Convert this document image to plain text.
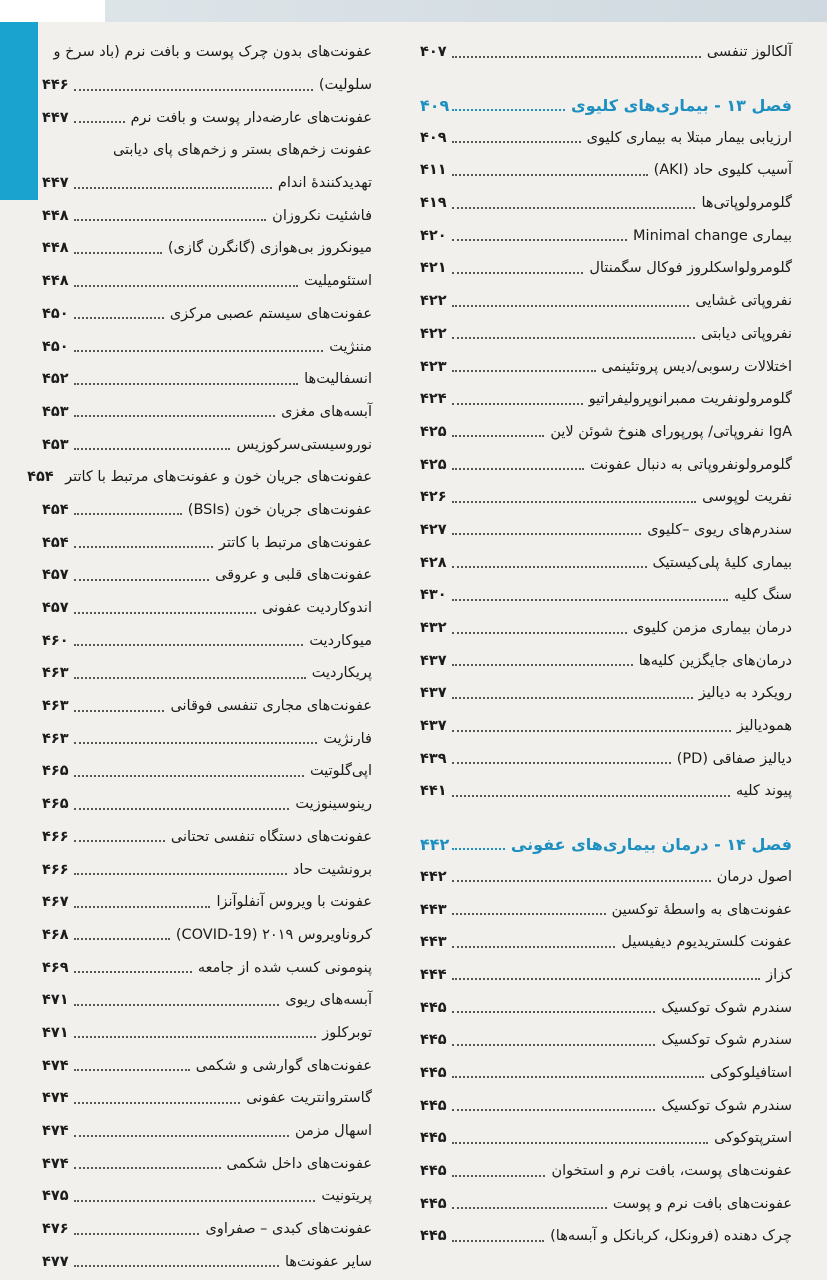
عفونت‌های بدون چرک پوست و بافت نرم (باد سرخ و
سلولیت)
۴۴۶
عفونت‌های عارضه‌دار پوست و بافت نرم
۴۴۷
عفونت زخم‌های بستر و زخم‌های پای دیابتی
تهدیدکنندهٔ اندام
۴۴۷
فاشئیت نکروزان
۴۴۸
میونکروز بی‌هوازی (گانگرن گازی)
۴۴۸
استئومیلیت
۴۴۸
عفونت‌های سیستم عصبی مرکزی
۴۵۰
مننژیت
۴۵۰
انسفالیت‌ها
۴۵۲
آبسه‌های مغزی
۴۵۳
نوروسیستی‌سرکوزیس
۴۵۳
عفونت‌های جریان خون و عفونت‌های مرتبط با کاتتر
۴۵۴
عفونت‌های جریان خون (BSIs)
۴۵۴
عفونت‌های مرتبط با کاتتر
۴۵۴
عفونت‌های قلبی و عروقی
۴۵۷
اندوکاردیت عفونی
۴۵۷
میوکاردیت
۴۶۰
پریکاردیت
۴۶۳
عفونت‌های مجاری تنفسی فوقانی
۴۶۳
فارنژیت
۴۶۳
اپی‌گلوتیت
۴۶۵
رینوسینوزیت
۴۶۵
عفونت‌های دستگاه تنفسی تحتانی
۴۶۶
برونشیت حاد
۴۶۶
عفونت با ویروس آنفلوآنزا
۴۶۷
کروناویروس ۲۰۱۹ (COVID-19)
۴۶۸
پنومونی کسب شده از جامعه
۴۶۹
آبسه‌های ریوی
۴۷۱
توبرکلوز
۴۷۱
عفونت‌های گوارشی و شکمی
۴۷۴
گاستروانتریت عفونی
۴۷۴
اسهال مزمن
۴۷۴
عفونت‌های داخل شکمی
۴۷۴
پریتونیت
۴۷۵
عفونت‌های کبدی – صفراوی
۴۷۶
سایر عفونت‌ها
۴۷۷
آلکالوز تنفسی
۴۰۷
فصل ۱۳ - بیماری‌های کلیوی
۴۰۹
ارزیابی بیمار مبتلا به بیماری کلیوی
۴۰۹
آسیب کلیوی حاد (AKI)
۴۱۱
گلومرولوپاتی‌ها
۴۱۹
بیماری Minimal change
۴۲۰
گلومرولواسکلروز فوکال سگمنتال
۴۲۱
نفروپاتی غشایی
۴۲۲
نفروپاتی دیابتی
۴۲۲
اختلالات رسوبی/دیس پروتئینمی
۴۲۳
گلومرولونفریت ممبرانوپرولیفراتیو
۴۲۴
IgA نفروپاتی/ پورپورای هنوخ شوئن لاین
۴۲۵
گلومرولونفروپاتی به دنبال عفونت
۴۲۵
نفریت لوپوسی
۴۲۶
سندرم‌های ریوی –کلیوی
۴۲۷
بیماری کلیهٔ پلی‌کیستیک
۴۲۸
سنگ کلیه
۴۳۰
درمان بیماری مزمن کلیوی
۴۳۲
درمان‌های جایگزین کلیه‌ها
۴۳۷
رویکرد به دیالیز
۴۳۷
همودیالیز
۴۳۷
دیالیز صفاقی (PD)
۴۳۹
پیوند کلیه
۴۴۱
فصل ۱۴ - درمان بیماری‌های عفونی
۴۴۲
اصول درمان
۴۴۲
عفونت‌های به واسطهٔ توکسین
۴۴۳
عفونت کلستریدیوم دیفیسیل
۴۴۳
کزاز
۴۴۴
سندرم شوک توکسیک
۴۴۵
سندرم شوک توکسیک
۴۴۵
استافیلوکوکی
۴۴۵
سندرم شوک توکسیک
۴۴۵
استرپتوکوکی
۴۴۵
عفونت‌های پوست، بافت نرم و استخوان
۴۴۵
عفونت‌های بافت نرم و پوست
۴۴۵
چرک دهنده (فرونکل، کربانکل و آبسه‌ها)
۴۴۵
